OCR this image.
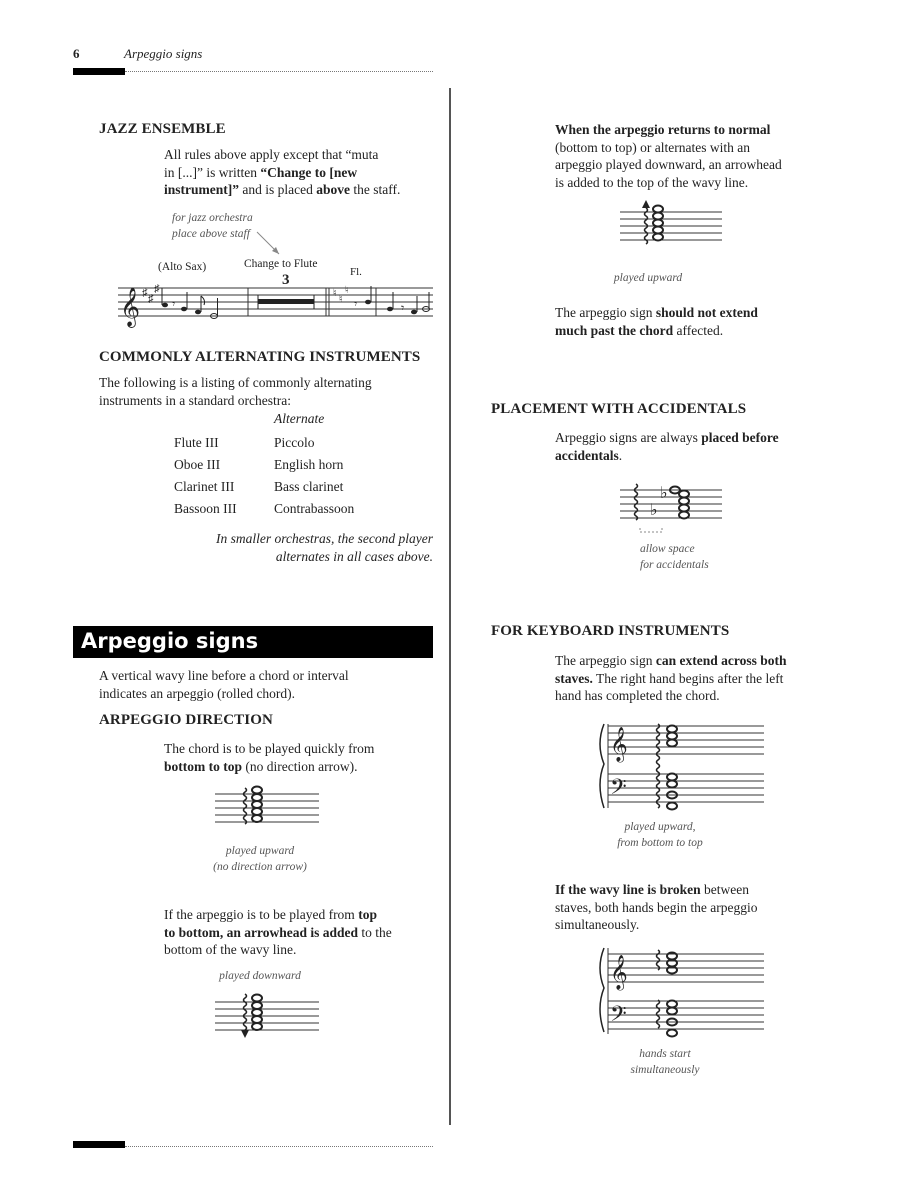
6	Arpeggio signs
JAZZ ENSEMBLE
All rules above apply except that “muta
in [...]” is written “Change to [new
instrument]” and is placed above the staff.
for jazz orchestra
place above staff
(Alto Sax)	Change to Flute
Fl.
3
𝄞 ♯ ♯
♯
𝄾
♮
♮
♮
𝄾	𝄾
COMMONLY ALTERNATING INSTRUMENTS
The following is a listing of commonly alternating
instruments in a standard orchestra:
Alternate
Flute III	Piccolo
Oboe III	English horn
Clarinet III	Bass clarinet
Bassoon III	Contrabassoon
In smaller orchestras, the second player
alternates in all cases above.
Arpeggio signs
A vertical wavy line before a chord or interval
indicates an arpeggio (rolled chord).
ARPEGGIO DIRECTION
The chord is to be played quickly from
bottom to top (no direction arrow).
played upward
(no direction arrow)
If the arpeggio is to be played from top
to bottom, an arrowhead is added to the
bottom of the wavy line.
played downward
When the arpeggio returns to normal
(bottom to top) or alternates with an
arpeggio played downward, an arrowhead
is added to the top of the wavy line.
played upward
The arpeggio sign should not extend
much past the chord affected.
PLACEMENT WITH ACCIDENTALS
Arpeggio signs are always placed before
accidentals.
♭
♭
allow space
for accidentals
FOR KEYBOARD INSTRUMENTS
The arpeggio sign can extend across both
staves. The right hand begins after the left
hand has completed the chord.
𝄞
𝄢
played upward,
from bottom to top
If the wavy line is broken between
staves, both hands begin the arpeggio
simultaneously.
𝄞
𝄢
hands start
simultaneously
